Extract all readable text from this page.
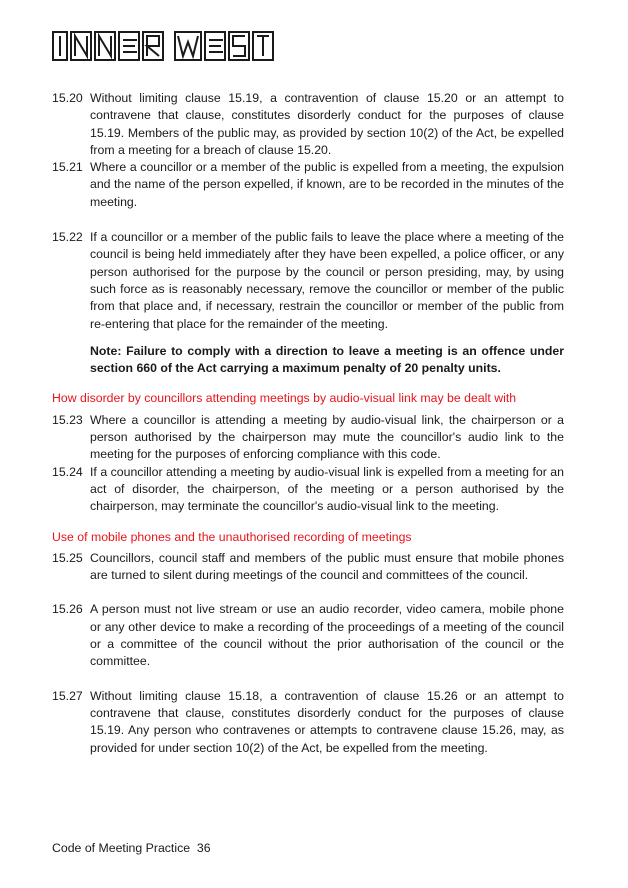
15.20 Without limiting clause 15.19, a contravention of clause 15.20 or an attempt to contravene that clause, constitutes disorderly conduct for the purposes of clause 15.19. Members of the public may, as provided by section 10(2) of the Act, be expelled from a meeting for a breach of clause 15.20.
15.21 Where a councillor or a member of the public is expelled from a meeting, the expulsion and the name of the person expelled, if known, are to be recorded in the minutes of the meeting.
15.22 If a councillor or a member of the public fails to leave the place where a meeting of the council is being held immediately after they have been expelled, a police officer, or any person authorised for the purpose by the council or person presiding, may, by using such force as is reasonably necessary, remove the councillor or member of the public from that place and, if necessary, restrain the councillor or member of the public from re-entering that place for the remainder of the meeting.
Note: Failure to comply with a direction to leave a meeting is an offence under section 660 of the Act carrying a maximum penalty of 20 penalty units.
How disorder by councillors attending meetings by audio-visual link may be dealt with
15.23 Where a councillor is attending a meeting by audio-visual link, the chairperson or a person authorised by the chairperson may mute the councillor's audio link to the meeting for the purposes of enforcing compliance with this code.
15.24 If a councillor attending a meeting by audio-visual link is expelled from a meeting for an act of disorder, the chairperson, of the meeting or a person authorised by the chairperson, may terminate the councillor's audio-visual link to the meeting.
Use of mobile phones and the unauthorised recording of meetings
15.25 Councillors, council staff and members of the public must ensure that mobile phones are turned to silent during meetings of the council and committees of the council.
15.26 A person must not live stream or use an audio recorder, video camera, mobile phone or any other device to make a recording of the proceedings of a meeting of the council or a committee of the council without the prior authorisation of the council or the committee.
15.27 Without limiting clause 15.18, a contravention of clause 15.26 or an attempt to contravene that clause, constitutes disorderly conduct for the purposes of clause 15.19. Any person who contravenes or attempts to contravene clause 15.26, may, as provided for under section 10(2) of the Act, be expelled from the meeting.
Code of Meeting Practice  36
